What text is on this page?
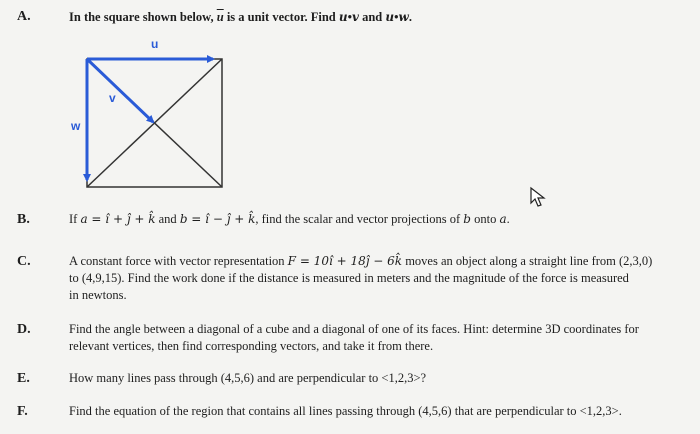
A.	In the square shown below, $\overline{u}$ is a unit vector. Find u•v and u•w.
u
v
w
B.	If a = î + ĵ + k̂ and b = î − ĵ + k̂, find the scalar and vector projections of b onto a.
C.	A constant force with vector representation F = 10î + 18ĵ − 6k̂ moves an object along a straight line from (2,3,0)
to (4,9,15). Find the work done if the distance is measured in meters and the magnitude of the force is measured
in newtons.
D.	Find the angle between a diagonal of a cube and a diagonal of one of its faces. Hint: determine 3D coordinates for
relevant vertices, then find corresponding vectors, and take it from there.
E.	How many lines pass through (4,5,6) and are perpendicular to <1,2,3>?
F.	Find the equation of the region that contains all lines passing through (4,5,6) that are perpendicular to <1,2,3>.
